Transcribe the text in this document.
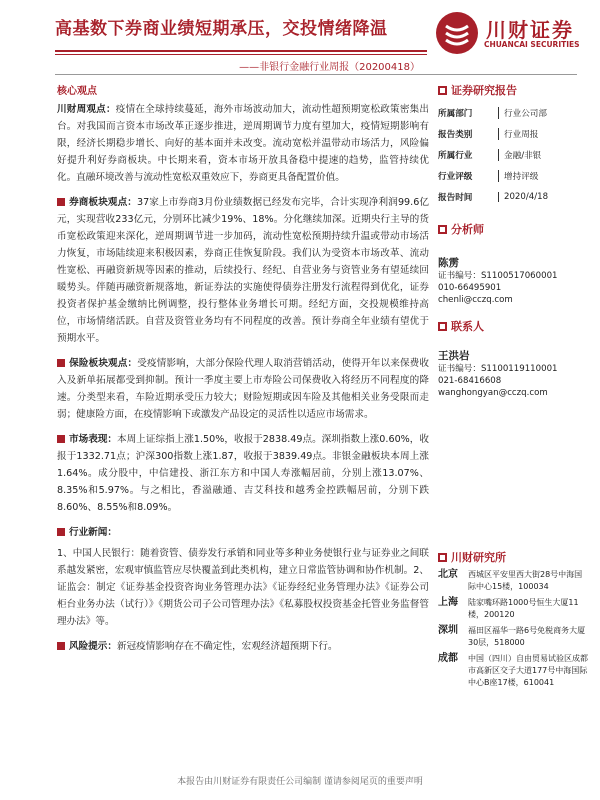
高基数下券商业绩短期承压，交投情绪降温	川财证券
CHUANCAI SECURITIES
——非银行金融行业周报（20200418）
核心观点
川财周观点：疫情在全球持续蔓延，海外市场波动加大，流动性超预期宽松政策密集出台。对我国而言资本市场改革正逐步推进，逆周期调节力度有望加大，疫情短期影响有限，经济长期稳步增长、向好的基本面并未改变。流动宽松并温带动市场活力，风险偏好提升利好券商板块。中长期来看，资本市场开放具备稳中提速的趋势，监管持续优化。直融环境改善与流动性宽松双重效应下，券商更具备配置价值。
券商板块观点：37家上市券商3月份业绩数据已经发布完毕，合计实现净利润99.6亿元，实现营收233亿元，分别环比减少19%、18%。分化继续加深。近期央行主导的货币宽松政策迎来深化，逆周期调节进一步加码，流动性宽松预期持续升温或带动市场活力恢复，市场陆续迎来积极因素，券商正佳恢复阶段。我们认为受资本市场改革、流动性宽松、再融资新规等因素的推动，后续投行、经纪、自营业务与资管业务有望延续回暖势头。伴随再融资新规落地，新证券法的实施使得债券注册发行流程得到优化，证券投资者保护基金缴纳比例调整，投行整体业务增长可期。经纪方面，交投规模维持高位，市场情绪活跃。自营及资管业务均有不同程度的改善。预计券商全年业绩有望优于预期水平。
保险板块观点：受疫情影响，大部分保险代理人取消营销活动，使得开年以来保费收入及新单拓展都受到抑制。预计一季度主要上市寿险公司保费收入将经历不同程度的降速。分类型来看，车险近期承受压力较大；财险短期或因车险及其他相关业务受限而走弱；健康险方面，在疫情影响下或激发产品设定的灵活性以适应市场需求。
市场表现：本周上证综指上涨1.50%，收报于2838.49点。深圳指数上涨0.60%，收报于1332.71点；沪深300指数上涨1.87，收报于3839.49点。非银金融板块本周上涨1.64%。成分股中，中信建投、浙江东方和中国人寿涨幅居前，分别上涨13.07%、8.35%和5.97%。与之相比，香溢融通、吉艾科技和越秀金控跌幅居前，分别下跌8.60%、8.55%和8.09%。
行业新闻：
1、中国人民银行：随着资管、债券发行承销和同业等多种业务使银行业与证券业之间联系越发紧密，宏观审慎监管应尽快覆盖到此类机构，建立日常监管协调和协作机制。2、证监会：制定《证券基金投资咨询业务管理办法》《证券经纪业务管理办法》《证券公司柜台业务办法（试行）》《期货公司子公司管理办法》《私募股权投资基金托管业务监督管理办法》等。
风险提示：新冠疫情影响存在不确定性，宏观经济超预期下行。
证券研究报告
所属部门	行业公司部
报告类别	行业周报
所属行业	金融/非银
行业评级	增持评级
报告时间	2020/4/18
分析师
陈雳
证书编号：S1100517060001
010-66495901
chenli@cczq.com
联系人
王洪岩
证书编号：S1100119110001
021-68416608
wanghongyan@cczq.com
川财研究所
北京	西城区平安里西大街28号中海国际中心15楼，100034
上海	陆家嘴环路1000号恒生大厦11楼，200120
深圳	福田区福华一路6号免税商务大厦30层，518000
成都	中国（四川）自由贸易试验区成都市高新区交子大道177号中海国际中心B座17楼，610041
本报告由川财证券有限责任公司编制 谨请参阅尾页的重要声明
